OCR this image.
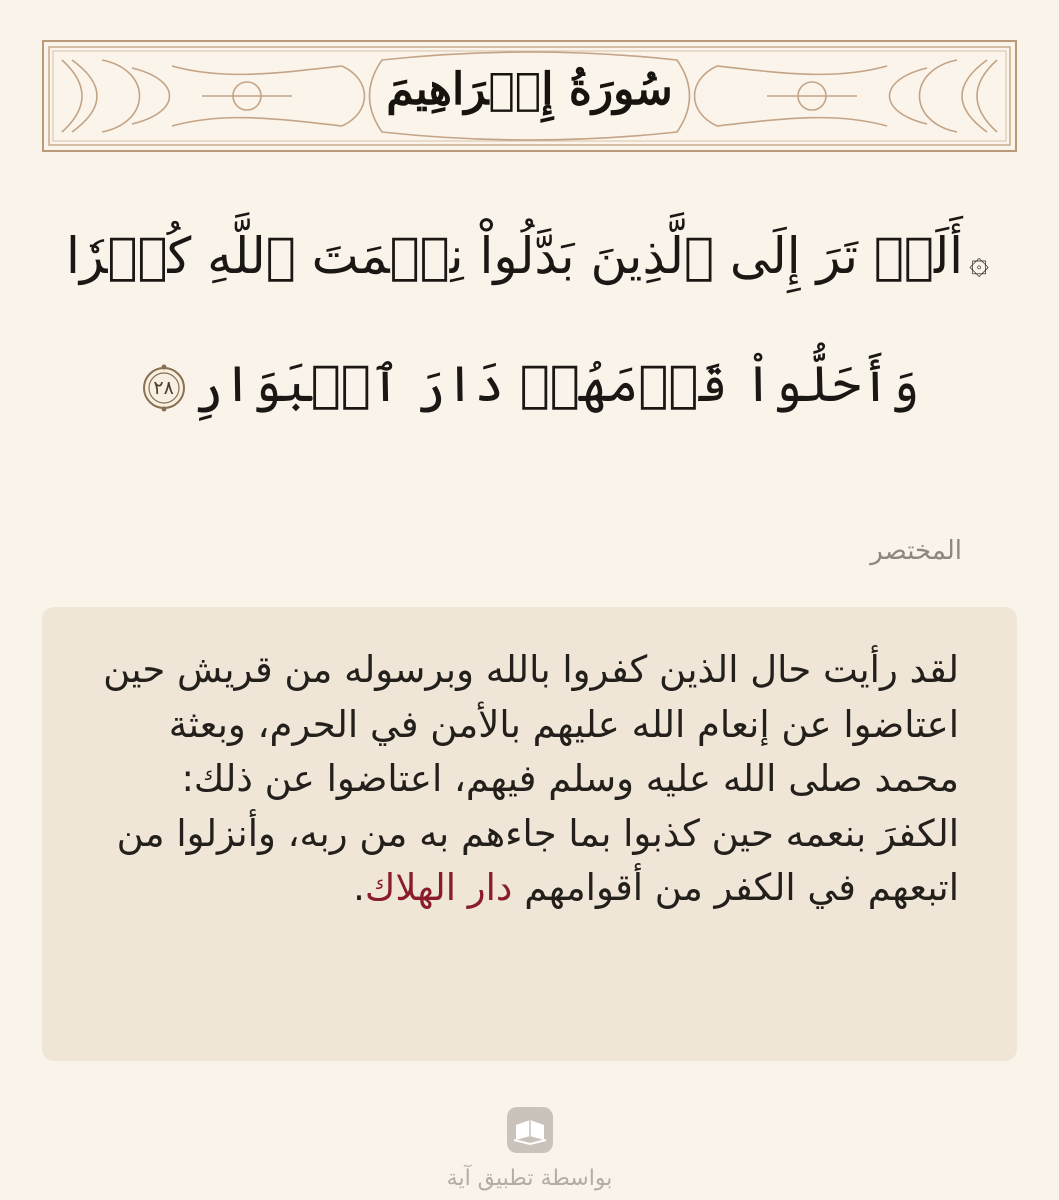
سُورَةُ إِبۡرَاهِيمَ
۞أَلَمۡ تَرَ إِلَى ٱلَّذِينَ بَدَّلُواْ نِعۡمَتَ ٱللَّهِ كُفۡرٗا
وَأَحَلُّواْ قَوۡمَهُمۡ دَارَ ٱلۡبَوَارِ
٢٨
المختصر
لقد رأيت حال الذين كفروا بالله وبرسوله من قريش حين اعتاضوا عن إنعام الله عليهم بالأمن في الحرم، وبعثة محمد صلى الله عليه وسلم فيهم، اعتاضوا عن ذلك: الكفرَ بنعمه حين كذبوا بما جاءهم به من ربه، وأنزلوا من اتبعهم في الكفر من أقوامهم دار الهلاك.
بواسطة تطبيق آية
